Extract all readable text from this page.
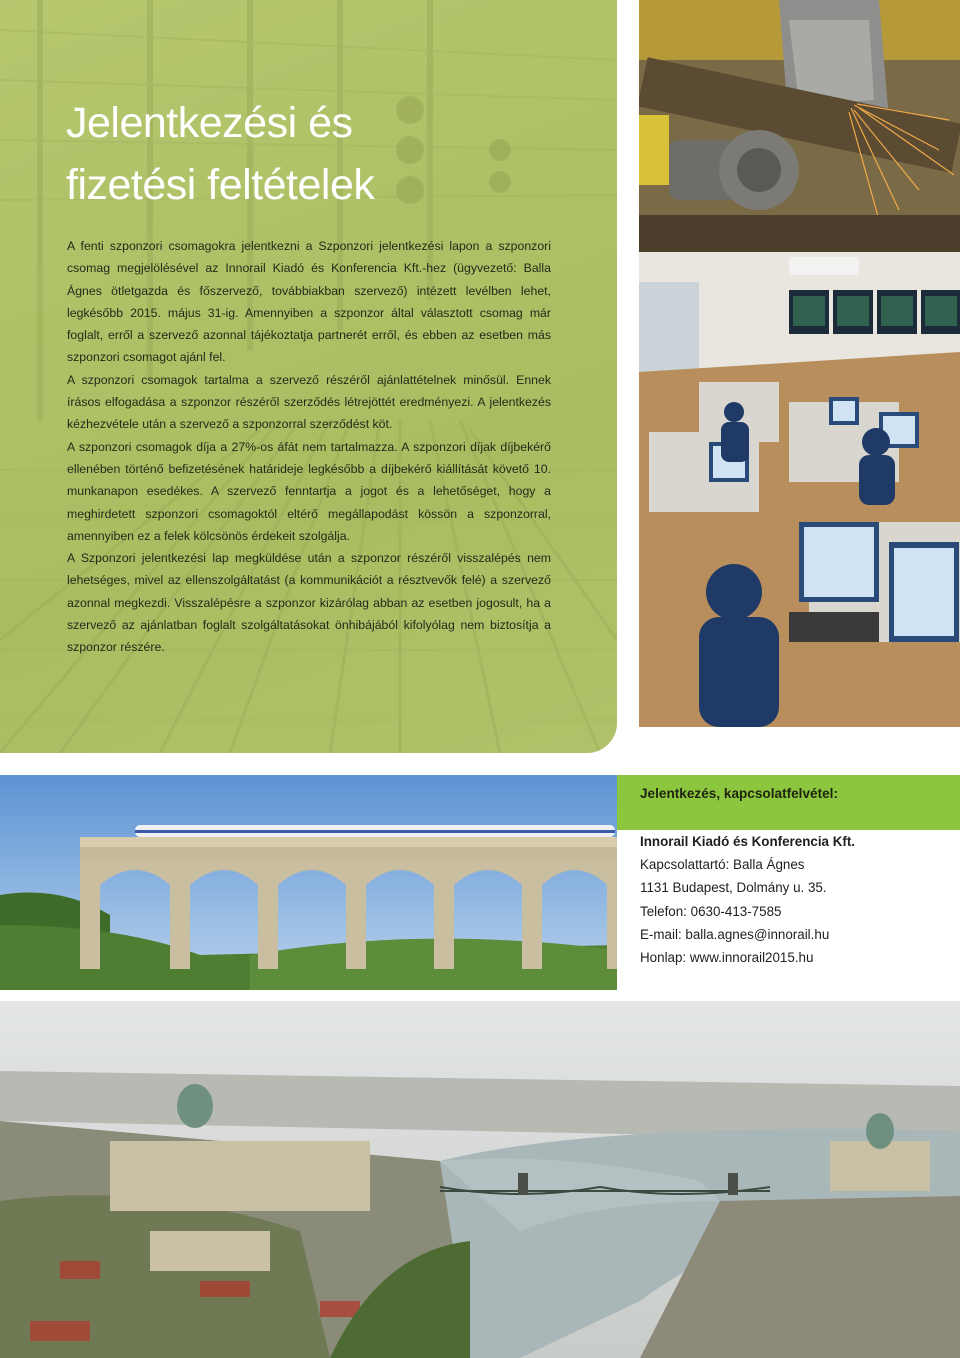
Jelentkezési és
fizetési feltételek

A fenti szponzori csomagokra jelentkezni a Szponzori jelentkezési lapon a szponzori csomag megjelölésével az Innorail Kiadó és Konferencia Kft.-hez (ügyvezető: Balla Ágnes ötletgazda és főszervező, továbbiakban szervező) intézett levélben lehet, legkésőbb 2015. május 31-ig. Amennyiben a szponzor által választott csomag már foglalt, erről a szervező azonnal tájékoztatja partnerét erről, és ebben az esetben más szponzori csomagot ajánl fel.

A szponzori csomagok tartalma a szervező részéről ajánlattételnek minősül. Ennek írásos elfogadása a szponzor részéről szerződés létrejöttét eredményezi. A jelentkezés kézhezvétele után a szervező a szponzorral szerződést köt.

A szponzori csomagok díja a 27%-os áfát nem tartalmazza. A szponzori díjak díjbekérő ellenében történő befizetésének határideje legkésőbb a díjbekérő kiállítását követő 10. munkanapon esedékes. A szervező fenntartja a jogot és a lehetőséget, hogy a meghirdetett szponzori csomagoktól eltérő megállapodást kössön a szponzorral, amennyiben ez a felek kölcsönös érdekeit szolgálja.

A Szponzori jelentkezési lap megküldése után a szponzor részéről visszalépés nem lehetséges, mivel az ellenszolgáltatást (a kommunikációt a résztvevők felé) a szervező azonnal megkezdi. Visszalépésre a szponzor kizárólag abban az esetben jogosult, ha a szervező az ajánlatban foglalt szolgáltatásokat önhibájából kifolyólag nem biztosítja a szponzor részére.

Jelentkezés, kapcsolatfelvétel:
Innorail Kiadó és Konferencia Kft.
Kapcsolattartó: Balla Ágnes
1131 Budapest, Dolmány u. 35.
Telefon: 0630-413-7585
E-mail: balla.agnes@innorail.hu
Honlap: www.innorail2015.hu
